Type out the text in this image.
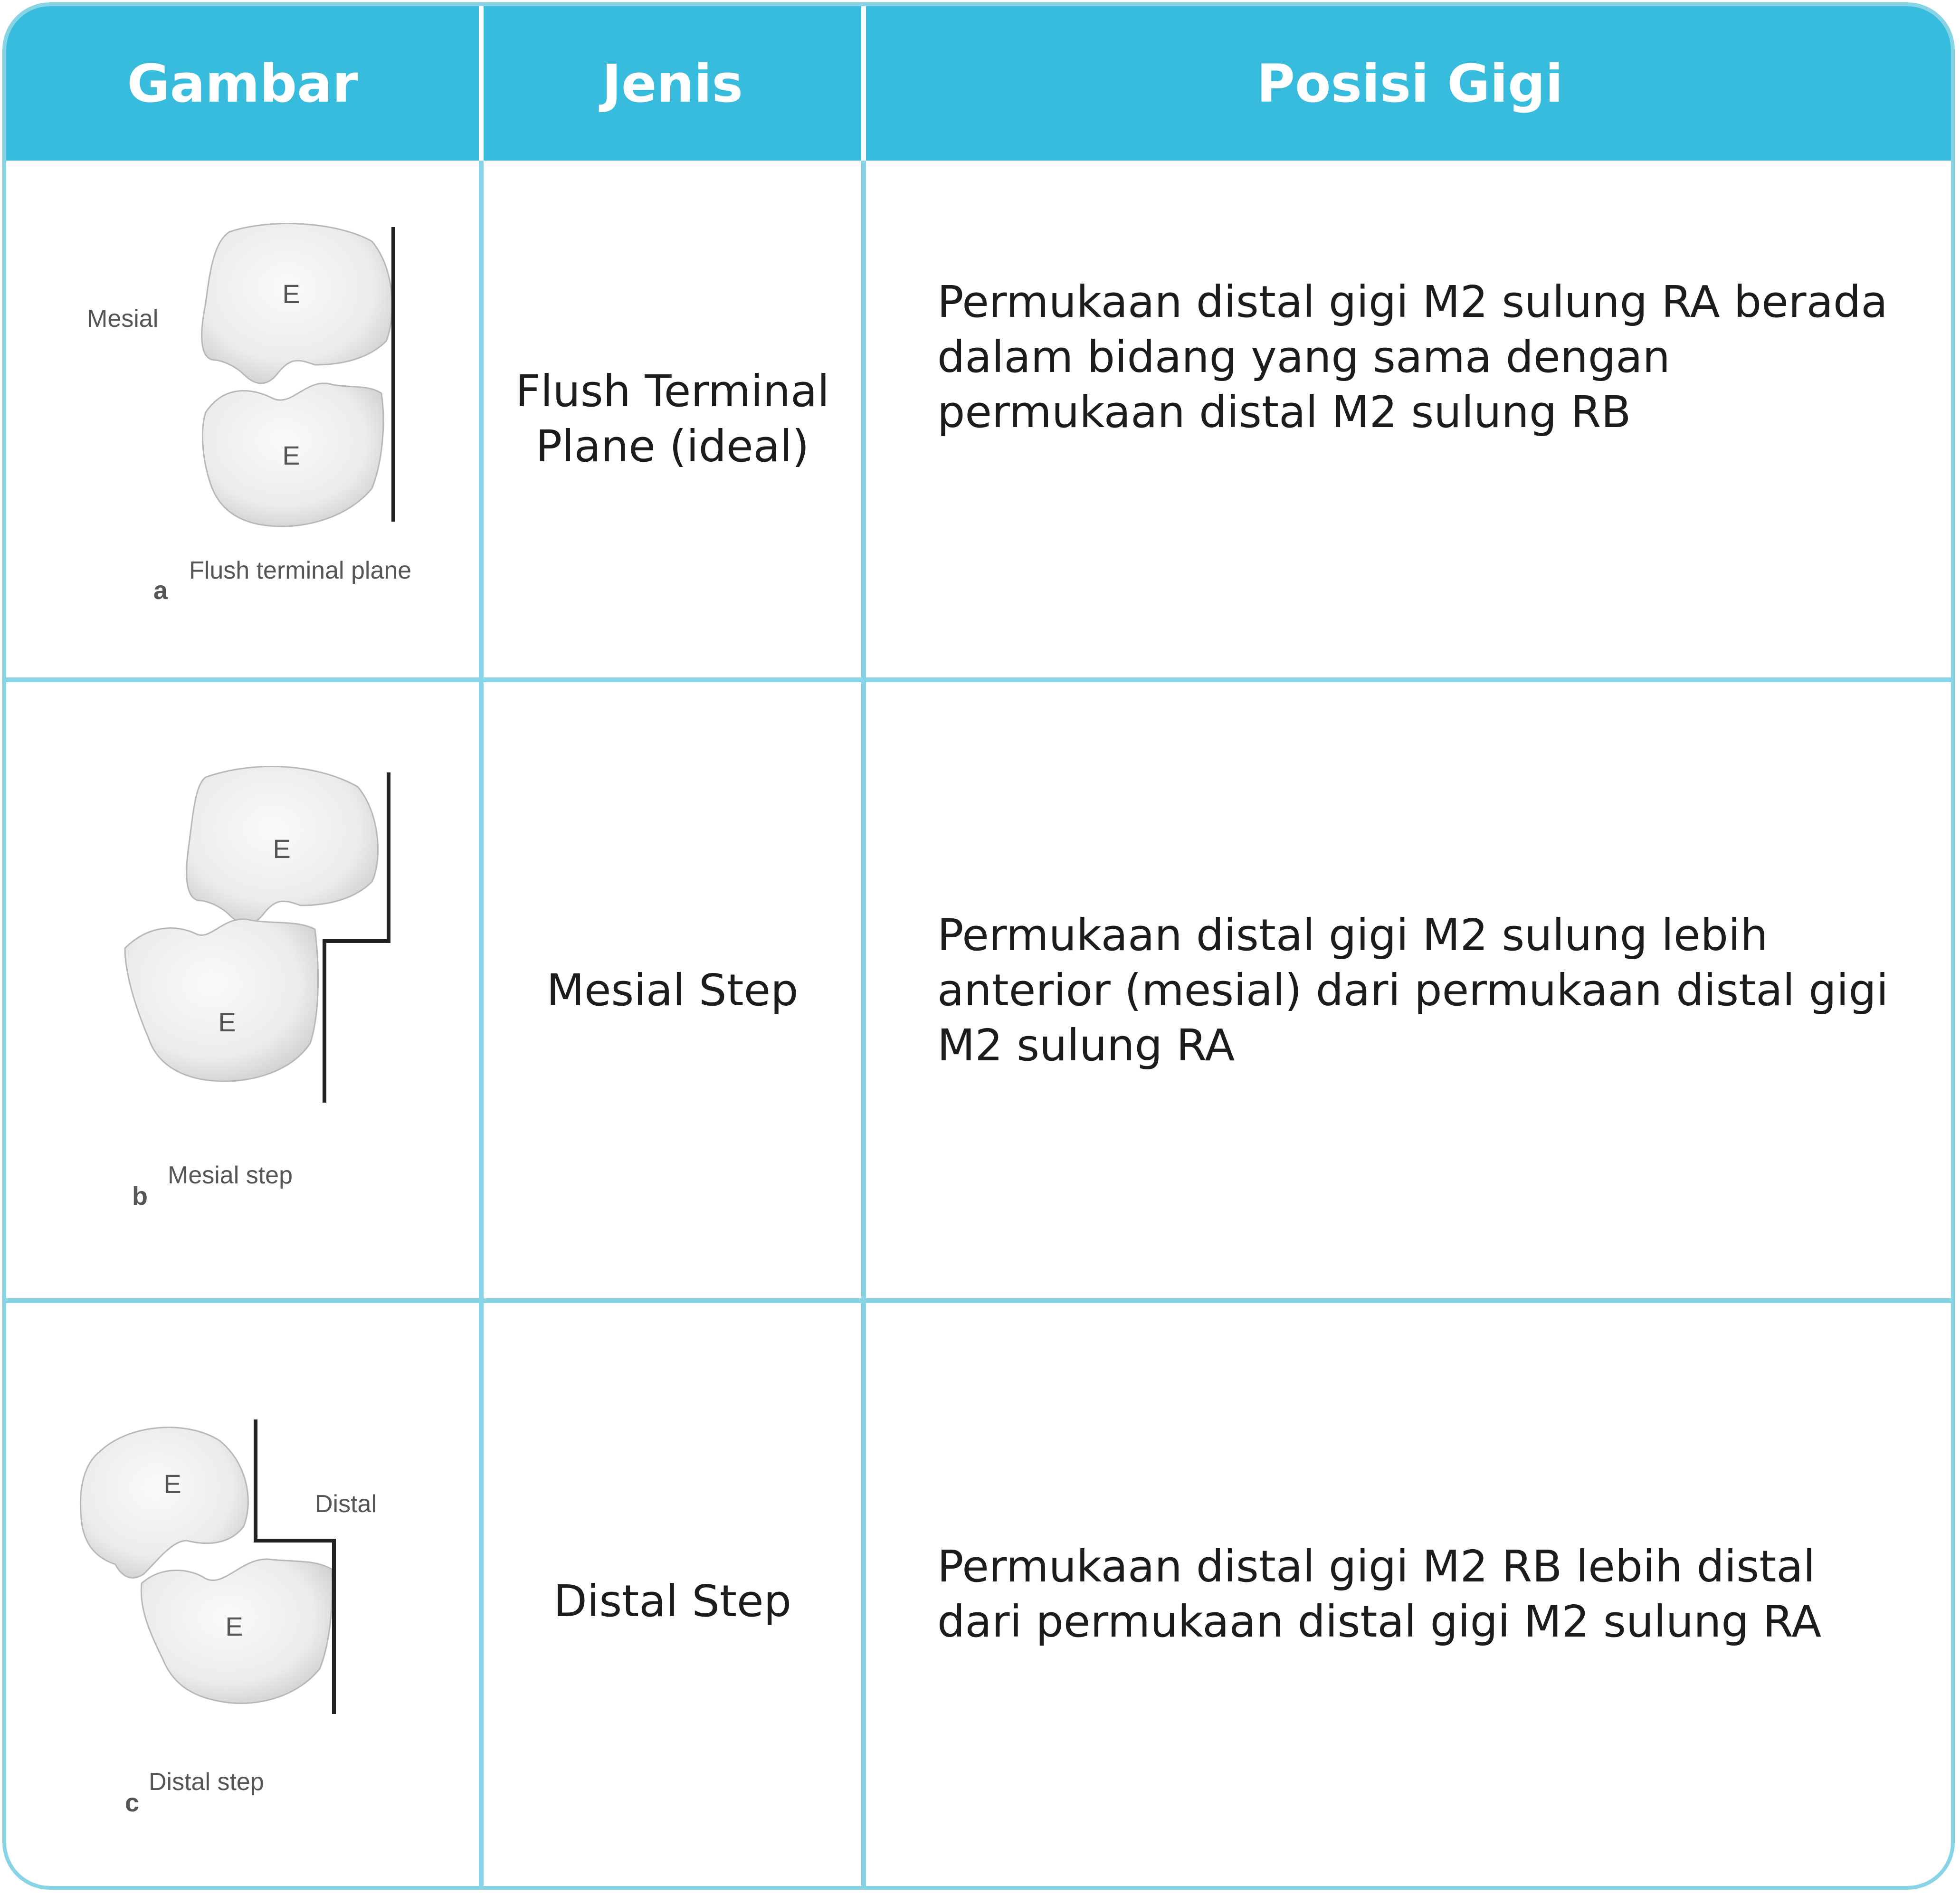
Gambar	Jenis	Posisi Gigi
Mesial
E
E
a
Flush terminal plane
Flush Terminal
Plane (ideal)
Permukaan distal gigi M2 sulung RA berada dalam bidang yang sama dengan permukaan distal M2 sulung RB
E
E
b
Mesial step
Mesial Step
Permukaan distal gigi M2 sulung lebih anterior (mesial) dari permukaan distal gigi M2 sulung RA
E
E
Distal
c
Distal step
Distal Step
Permukaan distal gigi M2 RB lebih distal dari permukaan distal gigi M2 sulung RA
